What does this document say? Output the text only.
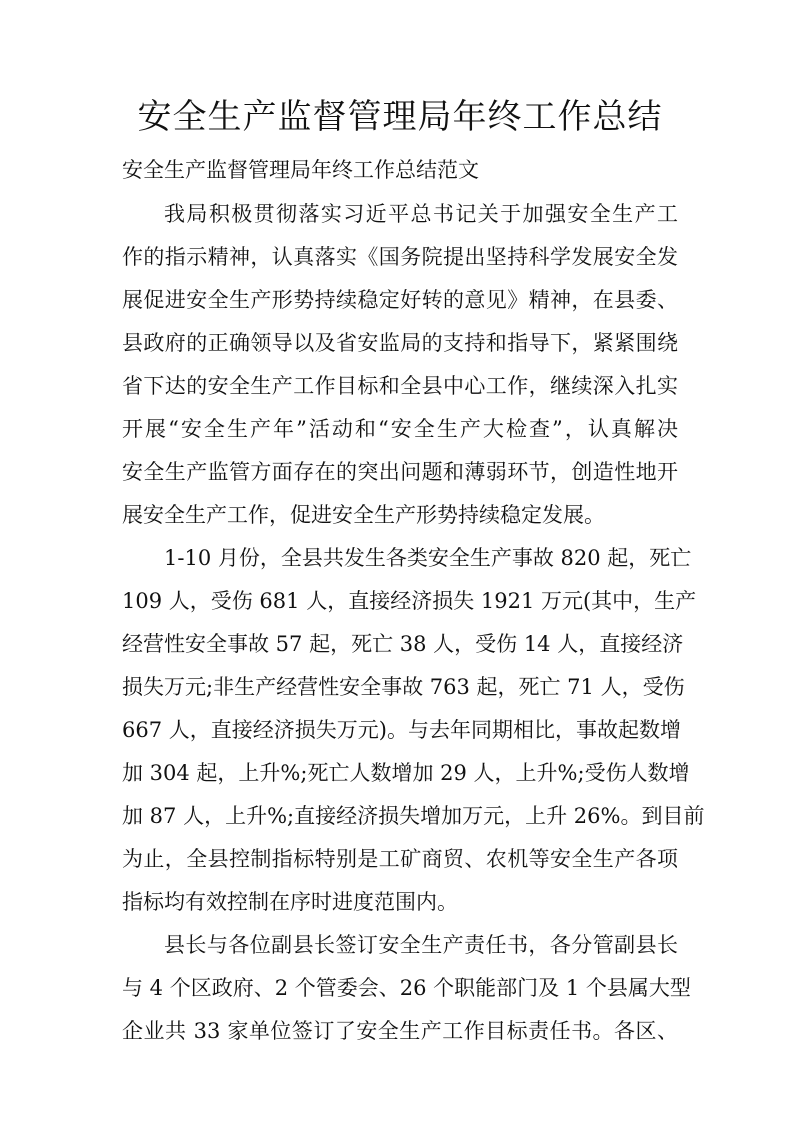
安全生产监督管理局年终工作总结
安全生产监督管理局年终工作总结范文
我局积极贯彻落实习近平总书记关于加强安全生产工
作的指示精神，认真落实《国务院提出坚持科学发展安全发
展促进安全生产形势持续稳定好转的意见》精神，在县委、
县政府的正确领导以及省安监局的支持和指导下，紧紧围绕
省下达的安全生产工作目标和全县中心工作，继续深入扎实
开展“安全生产年”活动和“安全生产大检查”，认真解决
安全生产监管方面存在的突出问题和薄弱环节，创造性地开
展安全生产工作，促进安全生产形势持续稳定发展。
1-10 月份，全县共发生各类安全生产事故 820 起，死亡
109 人，受伤 681 人，直接经济损失 1921 万元(其中，生产
经营性安全事故 57 起，死亡 38 人，受伤 14 人，直接经济
损失万元;非生产经营性安全事故 763 起，死亡 71 人，受伤
667 人，直接经济损失万元)。与去年同期相比，事故起数增
加 304 起，上升%;死亡人数增加 29 人，上升%;受伤人数增
加 87 人，上升%;直接经济损失增加万元，上升 26%。到目前
为止，全县控制指标特别是工矿商贸、农机等安全生产各项
指标均有效控制在序时进度范围内。
县长与各位副县长签订安全生产责任书，各分管副县长
与 4 个区政府、2 个管委会、26 个职能部门及 1 个县属大型
企业共 33 家单位签订了安全生产工作目标责任书。各区、
